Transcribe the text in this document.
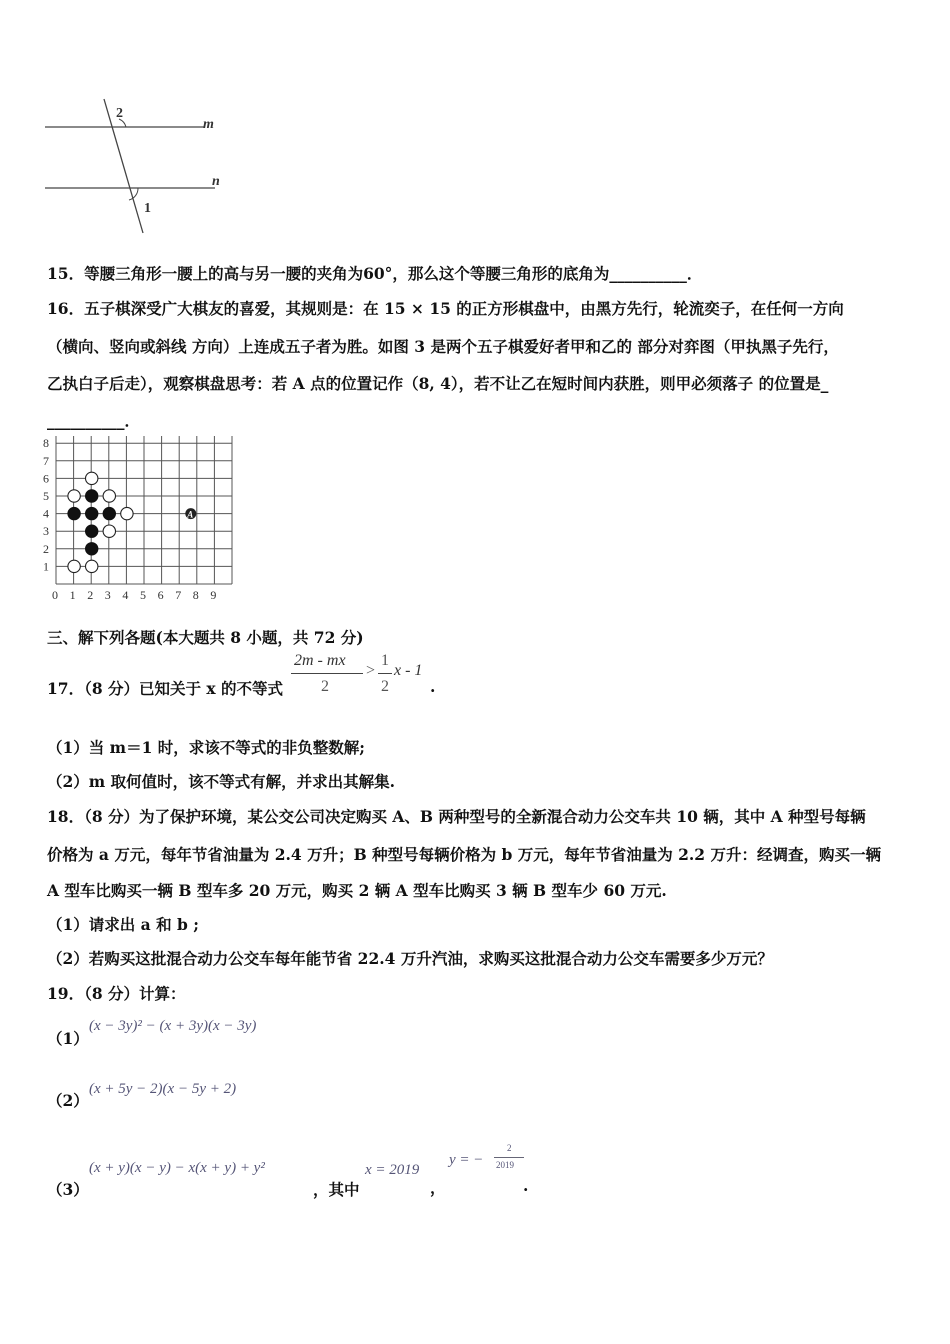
2
1
m
n
15．等腰三角形一腰上的高与另一腰的夹角为60°，那么这个等腰三角形的底角为__________．
16．五子棋深受广大棋友的喜爱，其规则是：在 15 × 15 的正方形棋盘中，由黑方先行，轮流奕子，在任何一方向
（横向、竖向或斜线 方向）上连成五子者为胜。如图 3 是两个五子棋爱好者甲和乙的 部分对弈图（甲执黑子先行，
乙执白子后走），观察棋盘思考：若 A 点的位置记作（8, 4），若不让乙在短时间内获胜，则甲必须落子 的位置是_
__________．
0 1 2 3 4 5 6 7 8 9
1
2
3
4
5
6
7
8
A
三、解下列各题(本大题共 8 小题，共 72 分)
17．（8 分）已知关于 x 的不等式
2m - mx
2
>
1
2
x - 1
.
（1）当 m＝1 时，求该不等式的非负整数解;
（2）m 取何值时，该不等式有解，并求出其解集.
18．（8 分）为了保护环境，某公交公司决定购买 A、B 两种型号的全新混合动力公交车共 10 辆，其中 A 种型号每辆
价格为 a 万元，每年节省油量为 2.4 万升；B 种型号每辆价格为 b 万元，每年节省油量为 2.2 万升：经调查，购买一辆
A 型车比购买一辆 B 型车多 20 万元，购买 2 辆 A 型车比购买 3 辆 B 型车少 60 万元.
（1）请求出 a 和 b ;
（2）若购买这批混合动力公交车每年能节省 22.4 万升汽油，求购买这批混合动力公交车需要多少万元？
19．（8 分）计算：
（1）
(x − 3y)² − (x + 3y)(x − 3y)
（2）
(x + 5y − 2)(x − 5y + 2)
（3）
(x + y)(x − y) − x(x + y) + y²
，其中
x = 2019
，
y = −
2
2019
.
